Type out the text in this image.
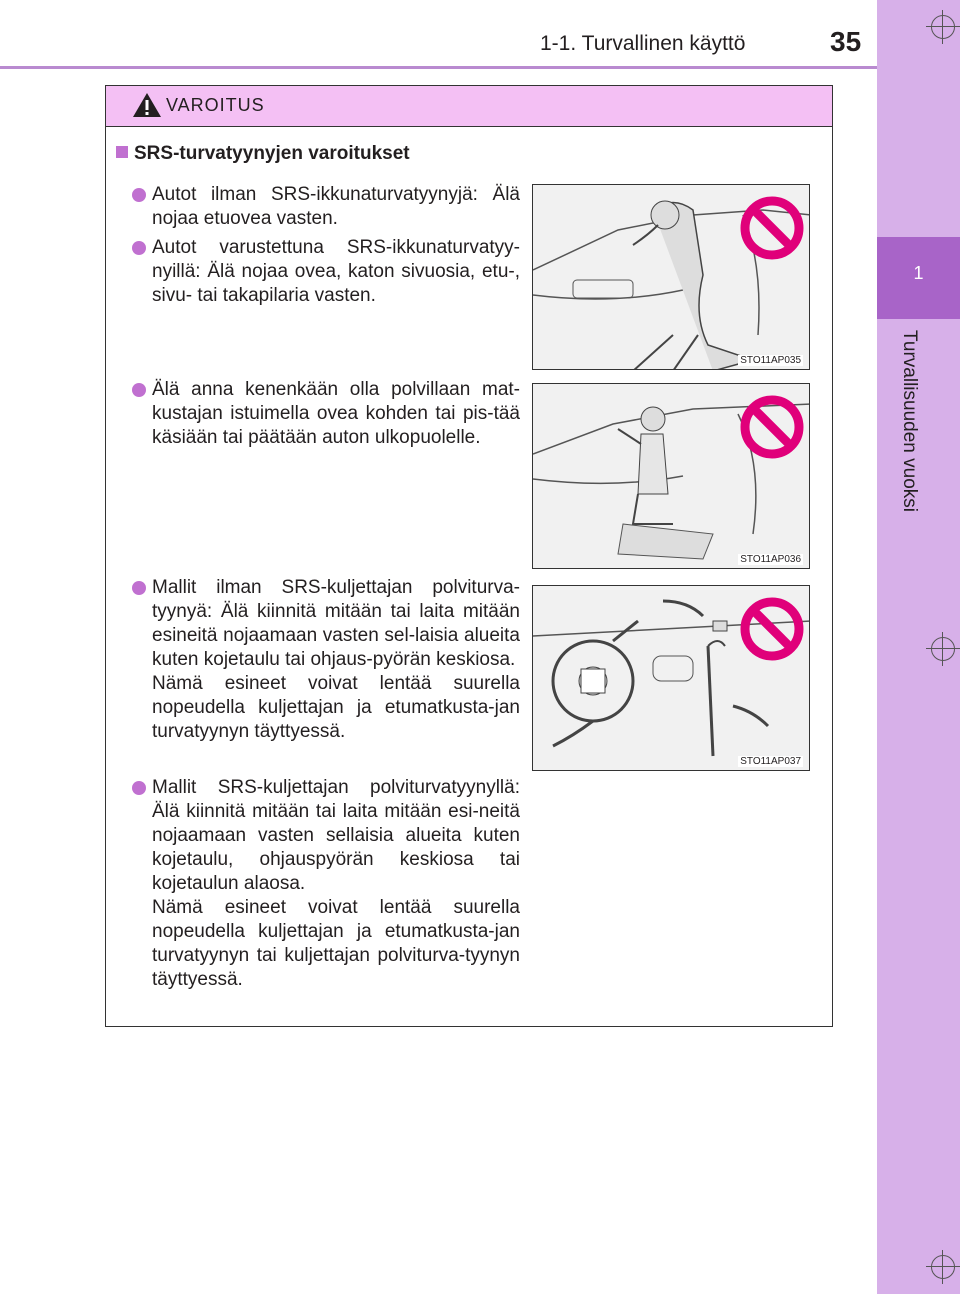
1-1. Turvallinen käyttö	35
1
Turvallisuuden vuoksi
VAROITUS
SRS-turvatyynyjen varoitukset
Autot ilman SRS-ikkunaturvatyynyjä: Älä nojaa etuovea vasten.
Autot varustettuna SRS-ikkunaturvatyy-nyillä: Älä nojaa ovea, katon sivuosia, etu-, sivu- tai takapilaria vasten.
Älä anna kenenkään olla polvillaan mat-kustajan istuimella ovea kohden tai pis-tää käsiään tai päätään auton ulkopuolelle.
Mallit ilman SRS-kuljettajan polviturva-tyynyä: Älä kiinnitä mitään tai laita mitään esineitä nojaamaan vasten sel-laisia alueita kuten kojetaulu tai ohjaus-pyörän keskiosa.
Nämä esineet voivat lentää suurella nopeudella kuljettajan ja etumatkusta-jan turvatyynyn täyttyessä.
Mallit SRS-kuljettajan polviturvatyynyllä: Älä kiinnitä mitään tai laita mitään esi-neitä nojaamaan vasten sellaisia alueita kuten kojetaulu, ohjauspyörän keskiosa tai kojetaulun alaosa.
Nämä esineet voivat lentää suurella nopeudella kuljettajan ja etumatkusta-jan turvatyynyn tai kuljettajan polviturva-tyynyn täyttyessä.
STO11AP035
STO11AP036
STO11AP037
